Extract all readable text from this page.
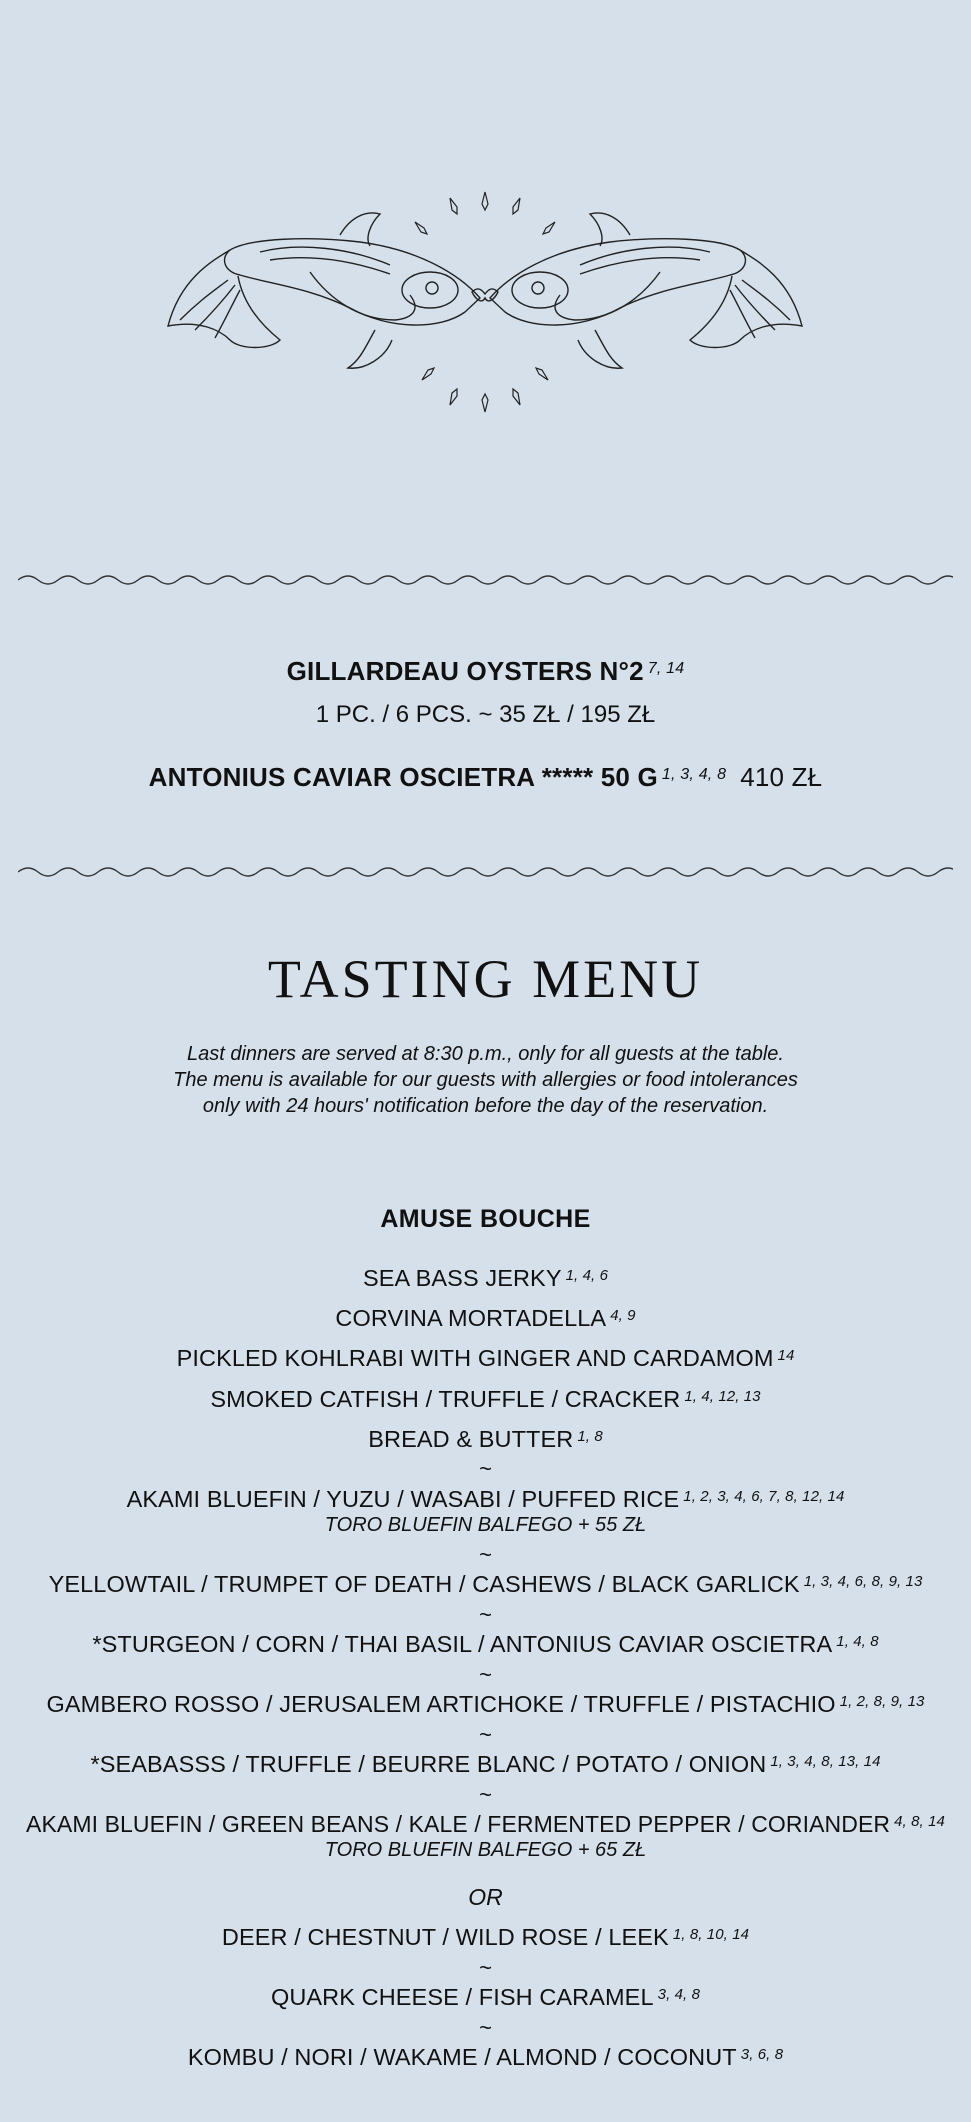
GILLARDEAU OYSTERS N°2 $^{7, 14}$
1 PC. / 6 PCS. ~ 35 ZŁ / 195 ZŁ
ANTONIUS CAVIAR OSCIETRA ***** 50 G $^{1, 3, 4, 8}$ 410 ZŁ
TASTING MENU
Last dinners are served at 8:30 p.m., only for all guests at the table.
The menu is available for our guests with allergies or food intolerances
only with 24 hours' notification before the day of the reservation.
AMUSE BOUCHE
SEA BASS JERKY $^{1, 4, 6}$
CORVINA MORTADELLA $^{4, 9}$
PICKLED KOHLRABI WITH GINGER AND CARDAMOM $^{14}$
SMOKED CATFISH / TRUFFLE / CRACKER $^{1, 4, 12, 13}$
BREAD & BUTTER $^{1, 8}$
~
AKAMI BLUEFIN / YUZU / WASABI / PUFFED RICE $^{1, 2, 3, 4, 6, 7, 8, 12, 14}$
TORO BLUEFIN BALFEGO + 55 ZŁ
~
YELLOWTAIL / TRUMPET OF DEATH / CASHEWS / BLACK GARLICK $^{1, 3, 4, 6, 8, 9, 13}$
~
*STURGEON / CORN / THAI BASIL / ANTONIUS CAVIAR OSCIETRA $^{1, 4, 8}$
~
GAMBERO ROSSO / JERUSALEM ARTICHOKE / TRUFFLE / PISTACHIO $^{1, 2, 8, 9, 13}$
~
*SEABASSS / TRUFFLE / BEURRE BLANC / POTATO / ONION $^{1, 3, 4, 8, 13, 14}$
~
AKAMI BLUEFIN / GREEN BEANS / KALE / FERMENTED PEPPER / CORIANDER $^{4, 8, 14}$
TORO BLUEFIN BALFEGO + 65 ZŁ
OR
DEER / CHESTNUT / WILD ROSE / LEEK $^{1, 8, 10, 14}$
~
QUARK CHEESE / FISH CARAMEL $^{3, 4, 8}$
~
KOMBU / NORI / WAKAME / ALMOND / COCONUT $^{3, 6, 8}$
